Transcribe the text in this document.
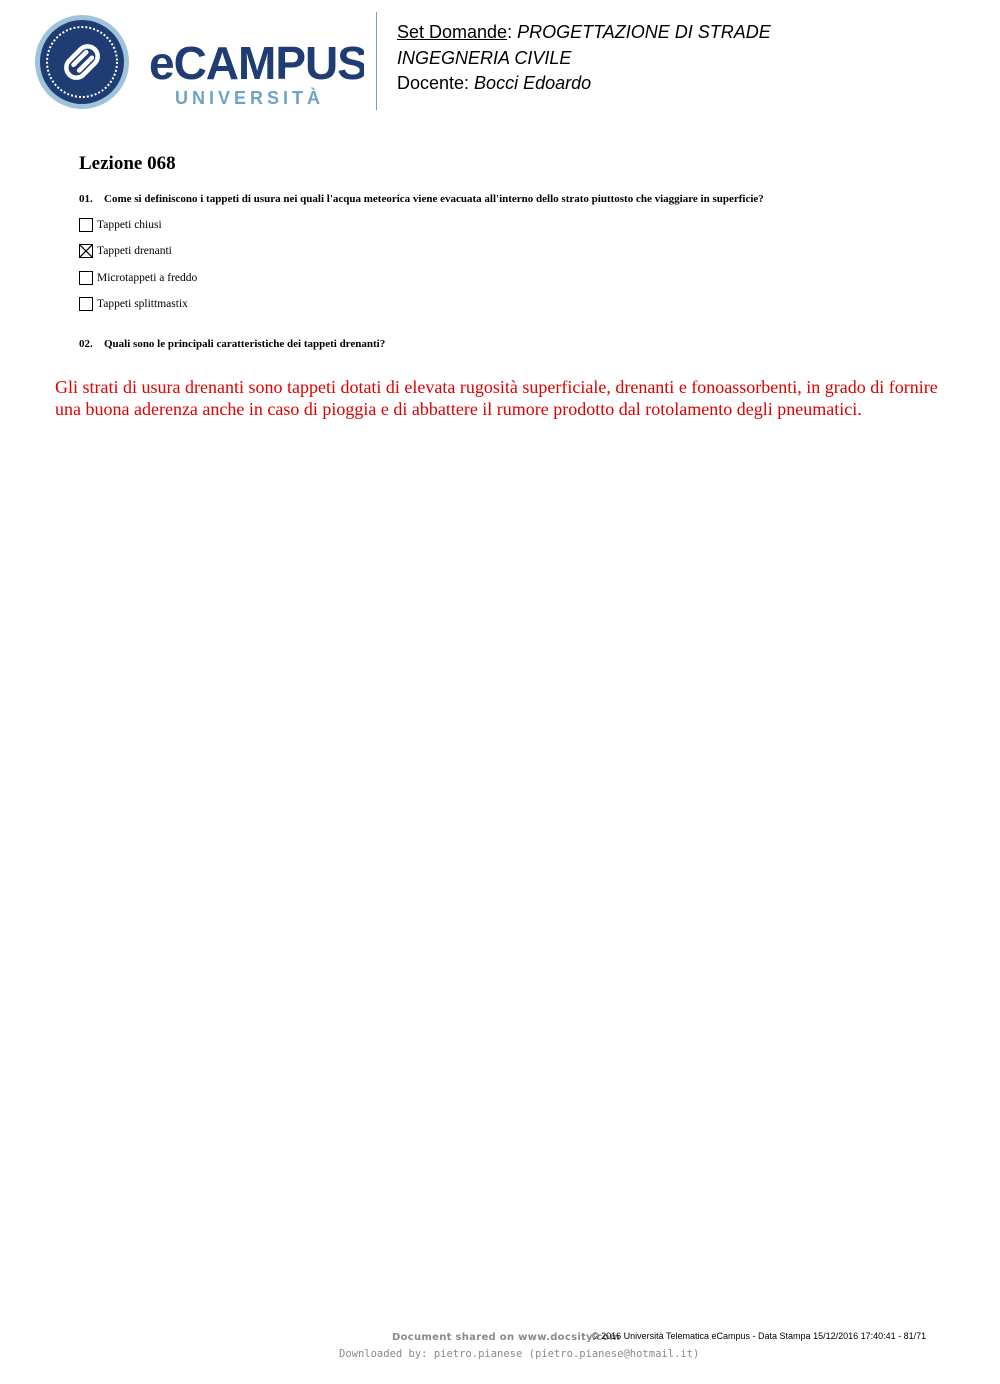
eCAMPUS
UNIVERSITÀ
Set Domande: PROGETTAZIONE DI STRADE
INGEGNERIA CIVILE
Docente: Bocci Edoardo
Lezione 068
01. Come si definiscono i tappeti di usura nei quali l'acqua meteorica viene evacuata all'interno dello strato piuttosto che viaggiare in superficie?
Tappeti chiusi
Tappeti drenanti
Microtappeti a freddo
Tappeti splittmastix
02. Quali sono le principali caratteristiche dei tappeti drenanti?
Gli strati di usura drenanti sono tappeti dotati di elevata rugosità superficiale, drenanti e fonoassorbenti, in grado di fornire una buona aderenza anche in caso di pioggia e di abbattere il rumore prodotto dal rotolamento degli pneumatici.
Document shared on www.docsity.com
© 2016 Università Telematica eCampus - Data Stampa 15/12/2016 17:40:41 - 81/71
Downloaded by: pietro.pianese (pietro.pianese@hotmail.it)
